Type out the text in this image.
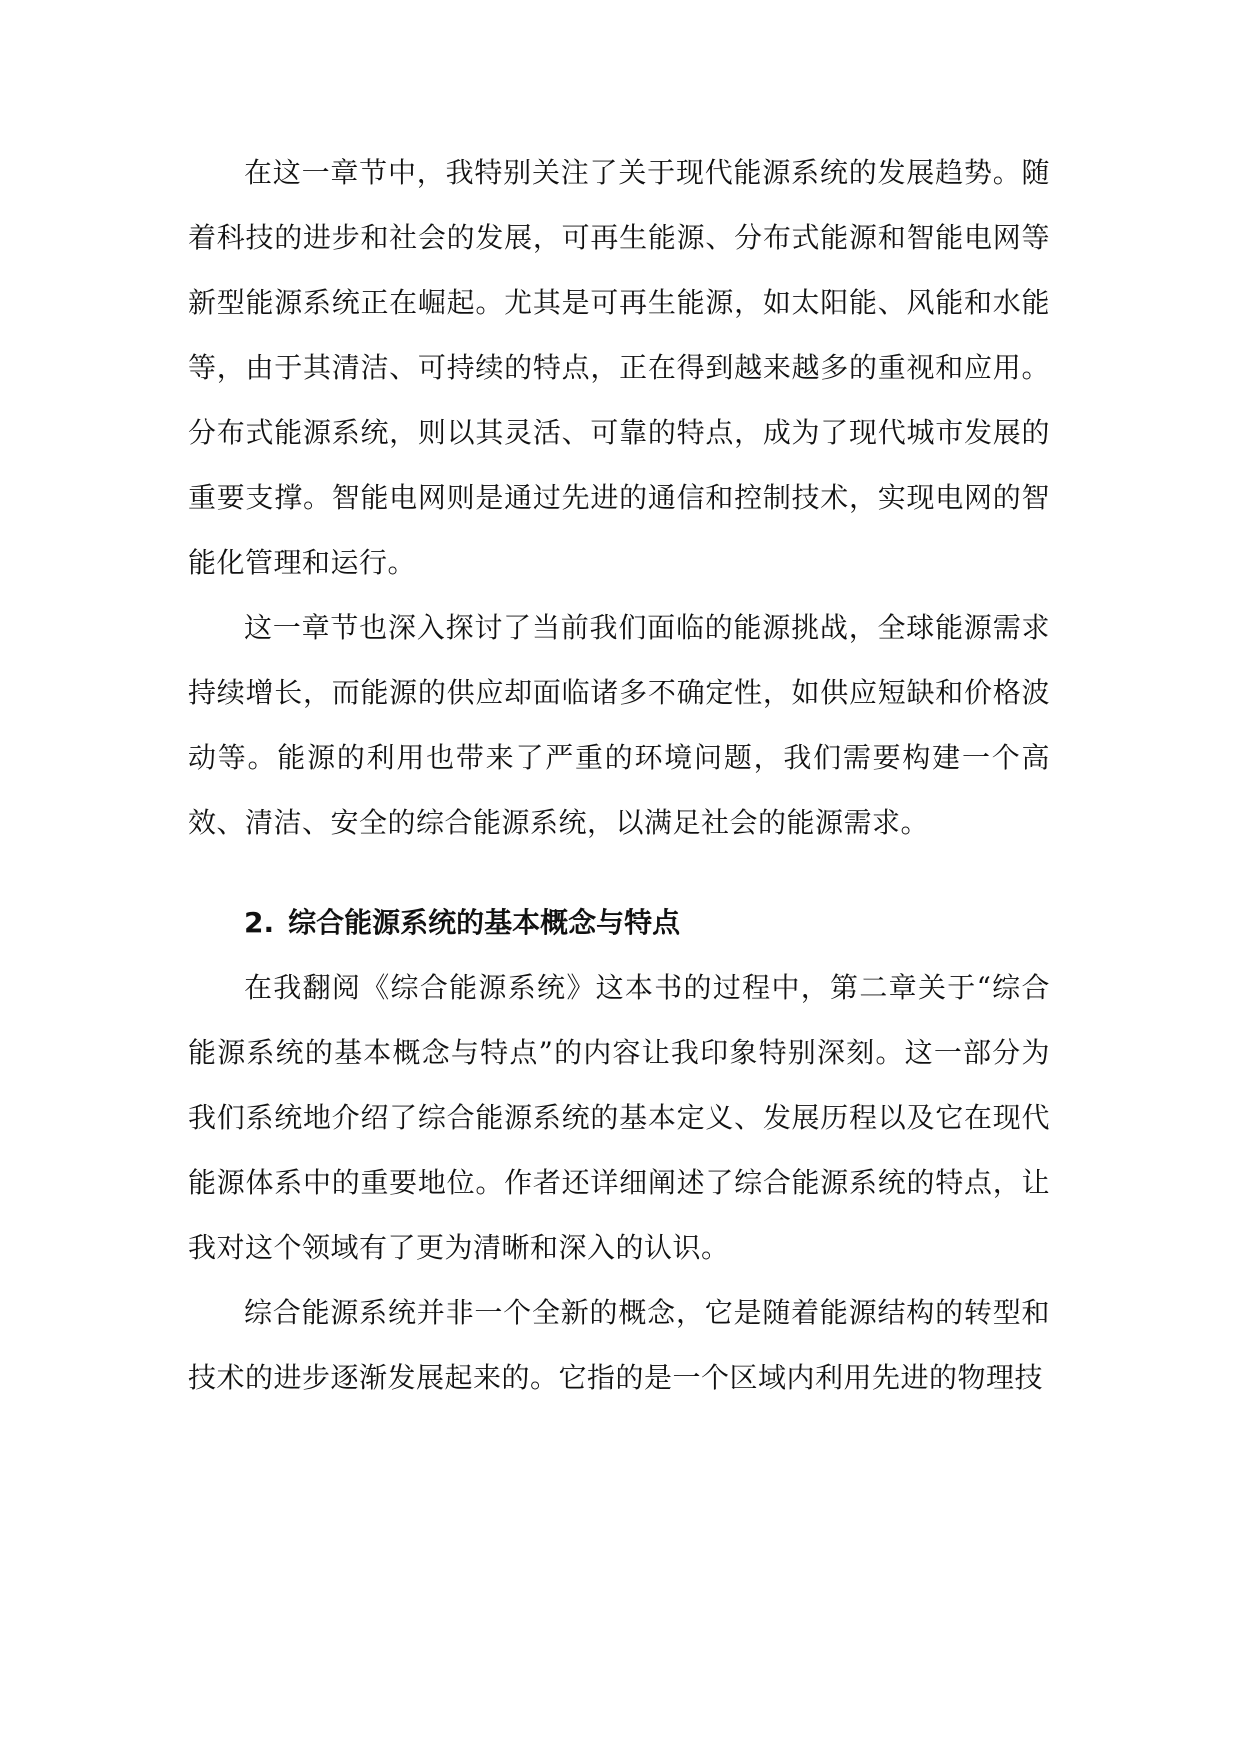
在这一章节中，我特别关注了关于现代能源系统的发展趋势。随着科技的进步和社会的发展，可再生能源、分布式能源和智能电网等新型能源系统正在崛起。尤其是可再生能源，如太阳能、风能和水能等，由于其清洁、可持续的特点，正在得到越来越多的重视和应用。分布式能源系统，则以其灵活、可靠的特点，成为了现代城市发展的重要支撑。智能电网则是通过先进的通信和控制技术，实现电网的智能化管理和运行。

这一章节也深入探讨了当前我们面临的能源挑战，全球能源需求持续增长，而能源的供应却面临诸多不确定性，如供应短缺和价格波动等。能源的利用也带来了严重的环境问题，我们需要构建一个高效、清洁、安全的综合能源系统，以满足社会的能源需求。

2. 综合能源系统的基本概念与特点

在我翻阅《综合能源系统》这本书的过程中，第二章关于“综合能源系统的基本概念与特点”的内容让我印象特别深刻。这一部分为我们系统地介绍了综合能源系统的基本定义、发展历程以及它在现代能源体系中的重要地位。作者还详细阐述了综合能源系统的特点，让我对这个领域有了更为清晰和深入的认识。

综合能源系统并非一个全新的概念，它是随着能源结构的转型和技术的进步逐渐发展起来的。它指的是一个区域内利用先进的物理技
